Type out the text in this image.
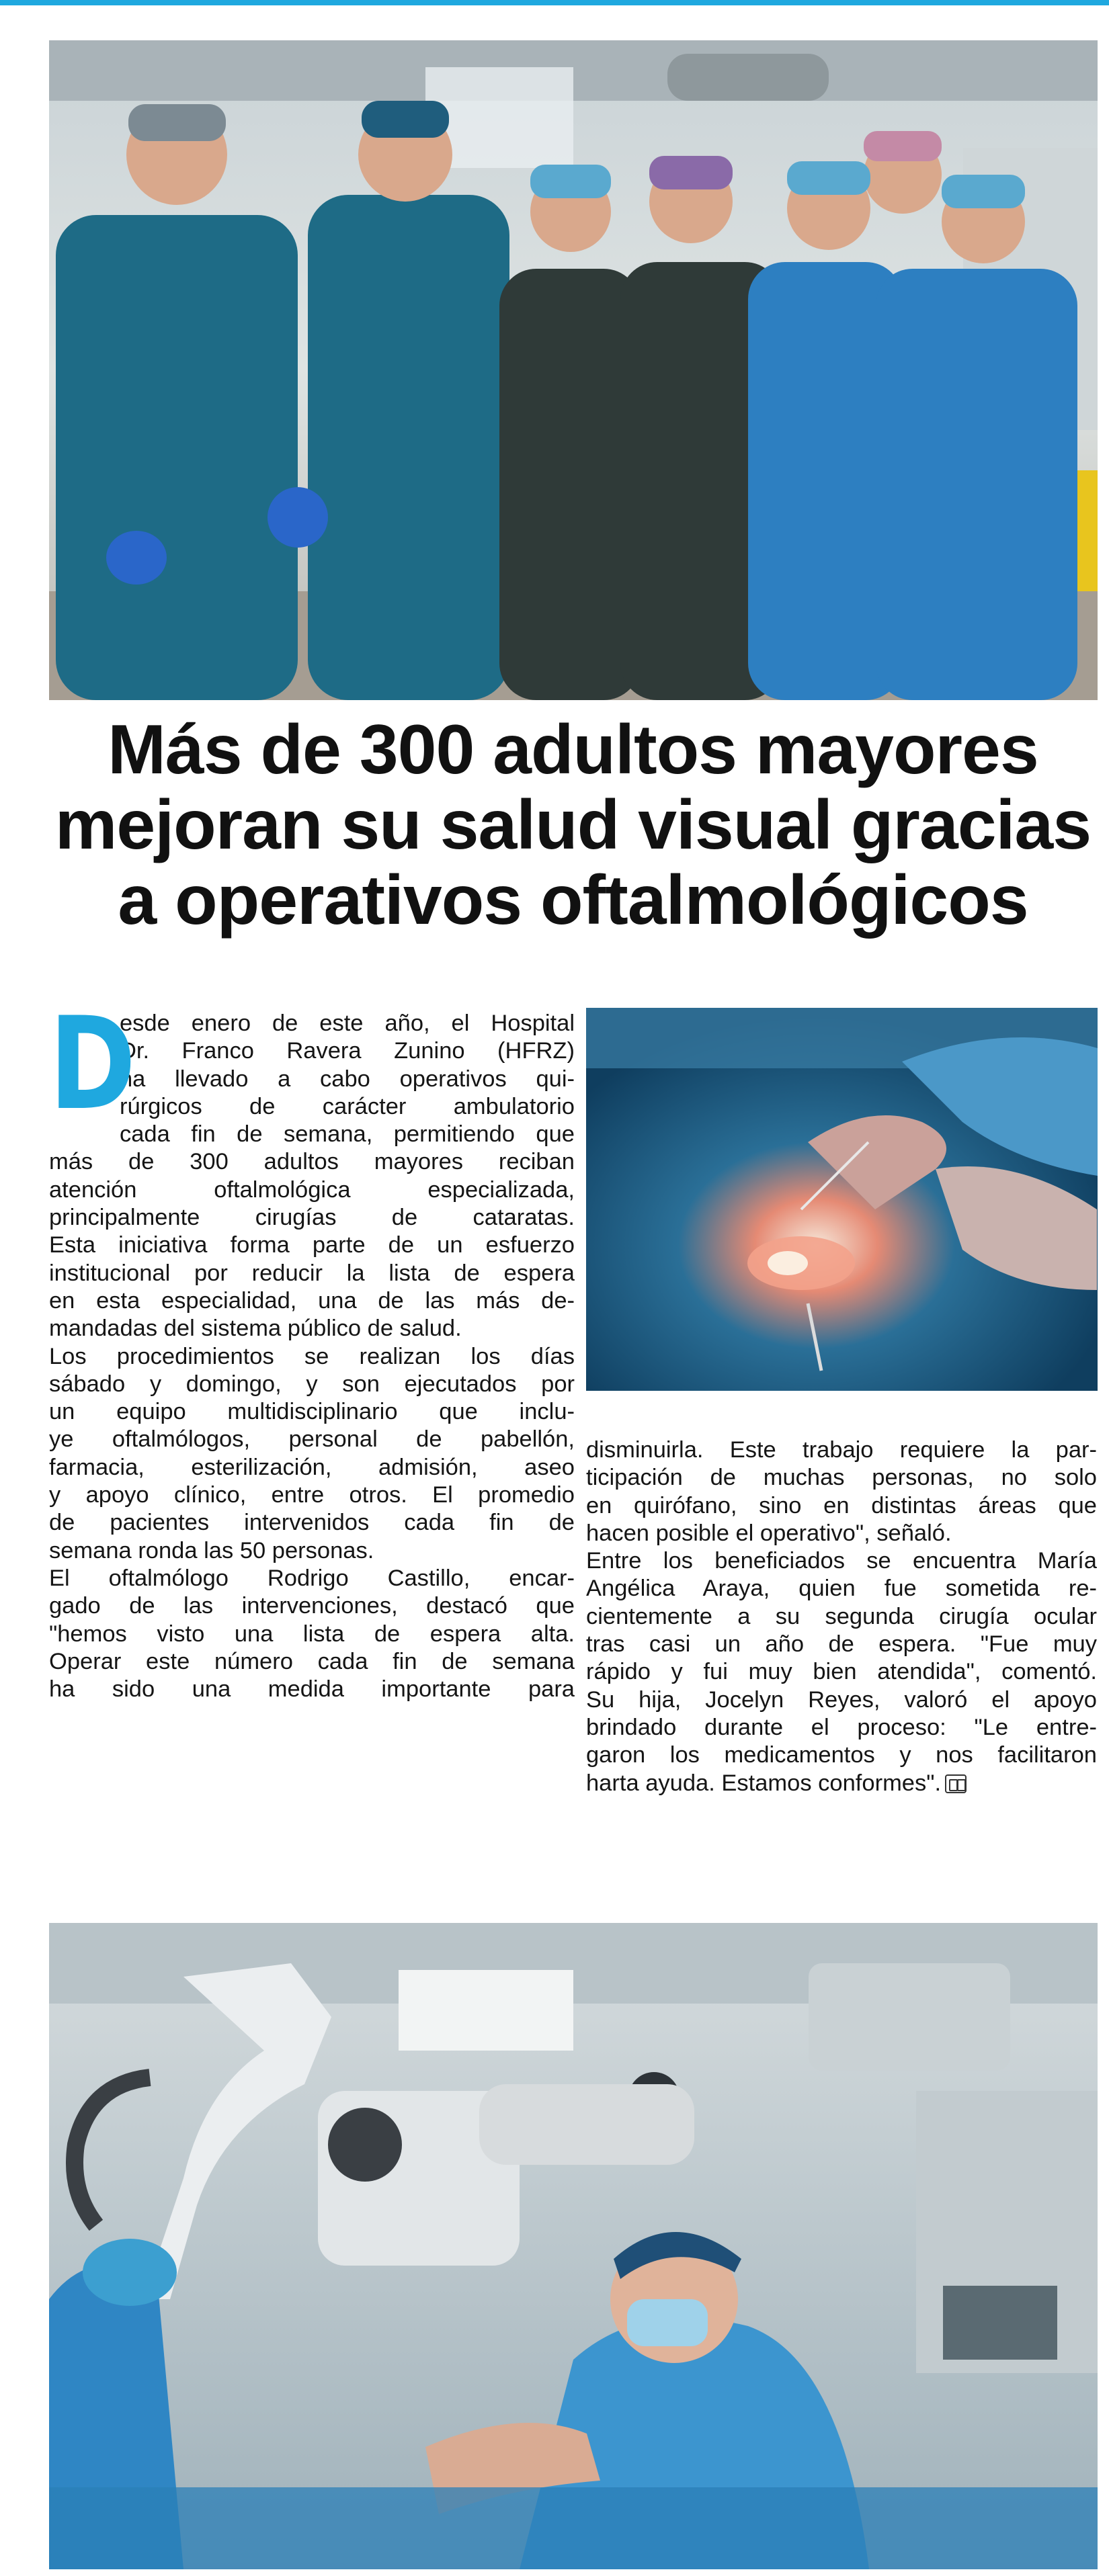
Más de 300 adultos mayores
mejoran su salud visual gracias
a operativos oftalmológicos

D
esde enero de este año, el Hospital
Dr. Franco Ravera Zunino (HFRZ)
ha llevado a cabo operativos qui-
rúrgicos de carácter ambulatorio
cada fin de semana, permitiendo que
más de 300 adultos mayores reciban
atención oftalmológica especializada,
principalmente cirugías de cataratas.
Esta iniciativa forma parte de un esfuerzo
institucional por reducir la lista de espera
en esta especialidad, una de las más de-
mandadas del sistema público de salud.
Los procedimientos se realizan los días
sábado y domingo, y son ejecutados por
un equipo multidisciplinario que inclu-
ye oftalmólogos, personal de pabellón,
farmacia, esterilización, admisión, aseo
y apoyo clínico, entre otros. El promedio
de pacientes intervenidos cada fin de
semana ronda las 50 personas.
El oftalmólogo Rodrigo Castillo, encar-
gado de las intervenciones, destacó que
"hemos visto una lista de espera alta.
Operar este número cada fin de semana
ha sido una medida importante para

disminuirla. Este trabajo requiere la par-
ticipación de muchas personas, no solo
en quirófano, sino en distintas áreas que
hacen posible el operativo", señaló.
Entre los beneficiados se encuentra María
Angélica Araya, quien fue sometida re-
cientemente a su segunda cirugía ocular
tras casi un año de espera. "Fue muy
rápido y fui muy bien atendida", comentó.
Su hija, Jocelyn Reyes, valoró el apoyo
brindado durante el proceso: "Le entre-
garon los medicamentos y nos facilitaron
harta ayuda. Estamos conformes".
